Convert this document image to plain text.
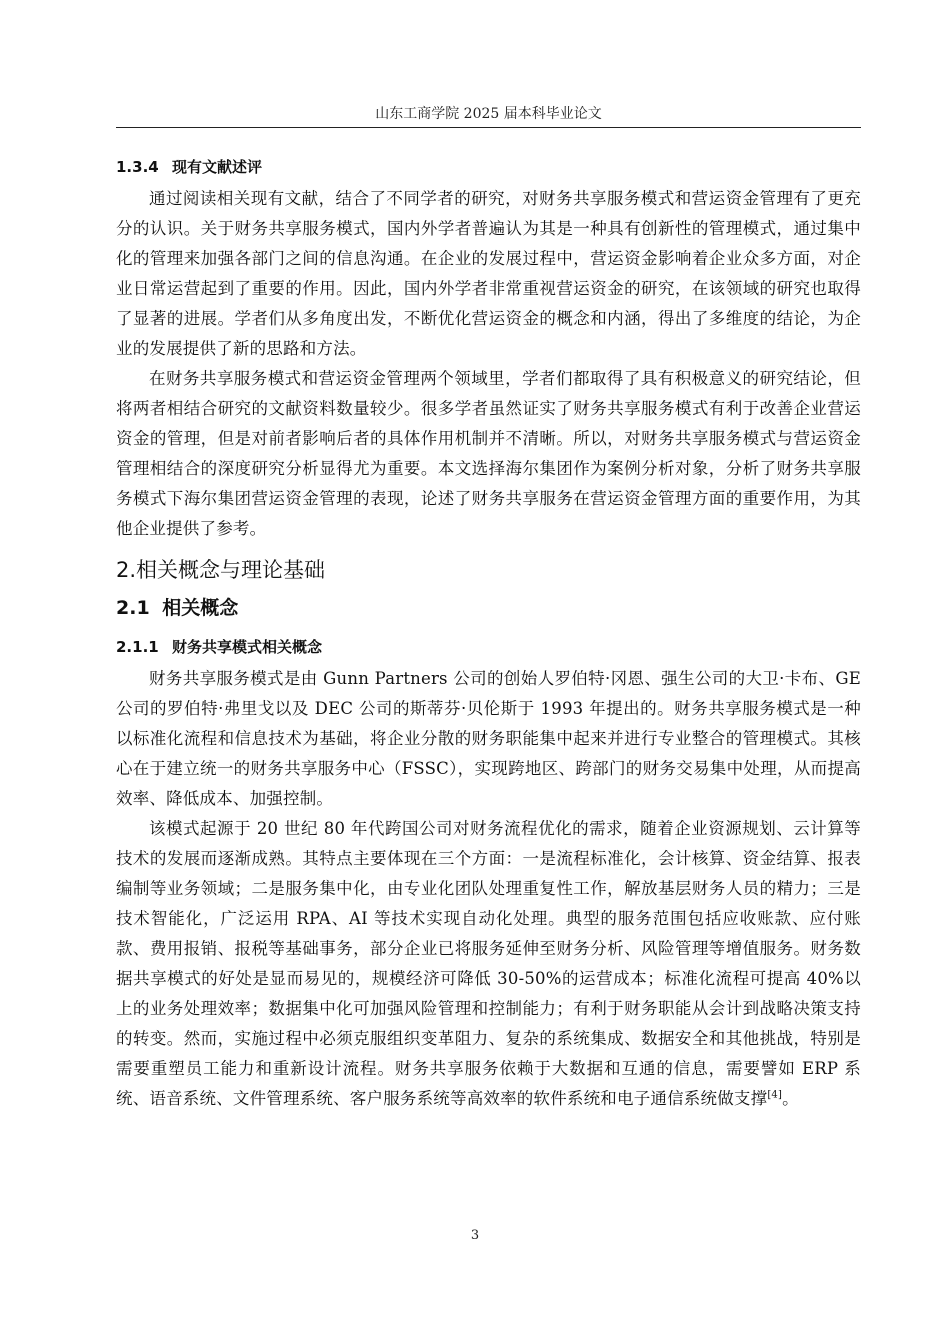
山东工商学院 2025 届本科毕业论文
1.3.4 现有文献述评

通过阅读相关现有文献，结合了不同学者的研究，对财务共享服务模式和营运资金管理有了更充分的认识。关于财务共享服务模式，国内外学者普遍认为其是一种具有创新性的管理模式，通过集中化的管理来加强各部门之间的信息沟通。在企业的发展过程中，营运资金影响着企业众多方面，对企业日常运营起到了重要的作用。因此，国内外学者非常重视营运资金的研究，在该领域的研究也取得了显著的进展。学者们从多角度出发，不断优化营运资金的概念和内涵，得出了多维度的结论，为企业的发展提供了新的思路和方法。

在财务共享服务模式和营运资金管理两个领域里，学者们都取得了具有积极意义的研究结论，但将两者相结合研究的文献资料数量较少。很多学者虽然证实了财务共享服务模式有利于改善企业营运资金的管理，但是对前者影响后者的具体作用机制并不清晰。所以，对财务共享服务模式与营运资金管理相结合的深度研究分析显得尤为重要。本文选择海尔集团作为案例分析对象，分析了财务共享服务模式下海尔集团营运资金管理的表现，论述了财务共享服务在营运资金管理方面的重要作用，为其他企业提供了参考。

2.相关概念与理论基础
2.1 相关概念
2.1.1 财务共享模式相关概念

财务共享服务模式是由 Gunn Partners 公司的创始人罗伯特·冈恩、强生公司的大卫·卡布、GE 公司的罗伯特·弗里戈以及 DEC 公司的斯蒂芬·贝伦斯于 1993 年提出的。财务共享服务模式是一种以标准化流程和信息技术为基础，将企业分散的财务职能集中起来并进行专业整合的管理模式。其核心在于建立统一的财务共享服务中心（FSSC），实现跨地区、跨部门的财务交易集中处理，从而提高效率、降低成本、加强控制。

该模式起源于 20 世纪 80 年代跨国公司对财务流程优化的需求，随着企业资源规划、云计算等技术的发展而逐渐成熟。其特点主要体现在三个方面：一是流程标准化，会计核算、资金结算、报表编制等业务领域；二是服务集中化，由专业化团队处理重复性工作，解放基层财务人员的精力；三是技术智能化，广泛运用 RPA、AI 等技术实现自动化处理。典型的服务范围包括应收账款、应付账款、费用报销、报税等基础事务，部分企业已将服务延伸至财务分析、风险管理等增值服务。财务数据共享模式的好处是显而易见的，规模经济可降低 30-50%的运营成本；标准化流程可提高 40%以上的业务处理效率；数据集中化可加强风险管理和控制能力；有利于财务职能从会计到战略决策支持的转变。然而，实施过程中必须克服组织变革阻力、复杂的系统集成、数据安全和其他挑战，特别是需要重塑员工能力和重新设计流程。财务共享服务依赖于大数据和互通的信息，需要譬如 ERP 系统、语音系统、文件管理系统、客户服务系统等高效率的软件系统和电子通信系统做支撑[4]。

3
